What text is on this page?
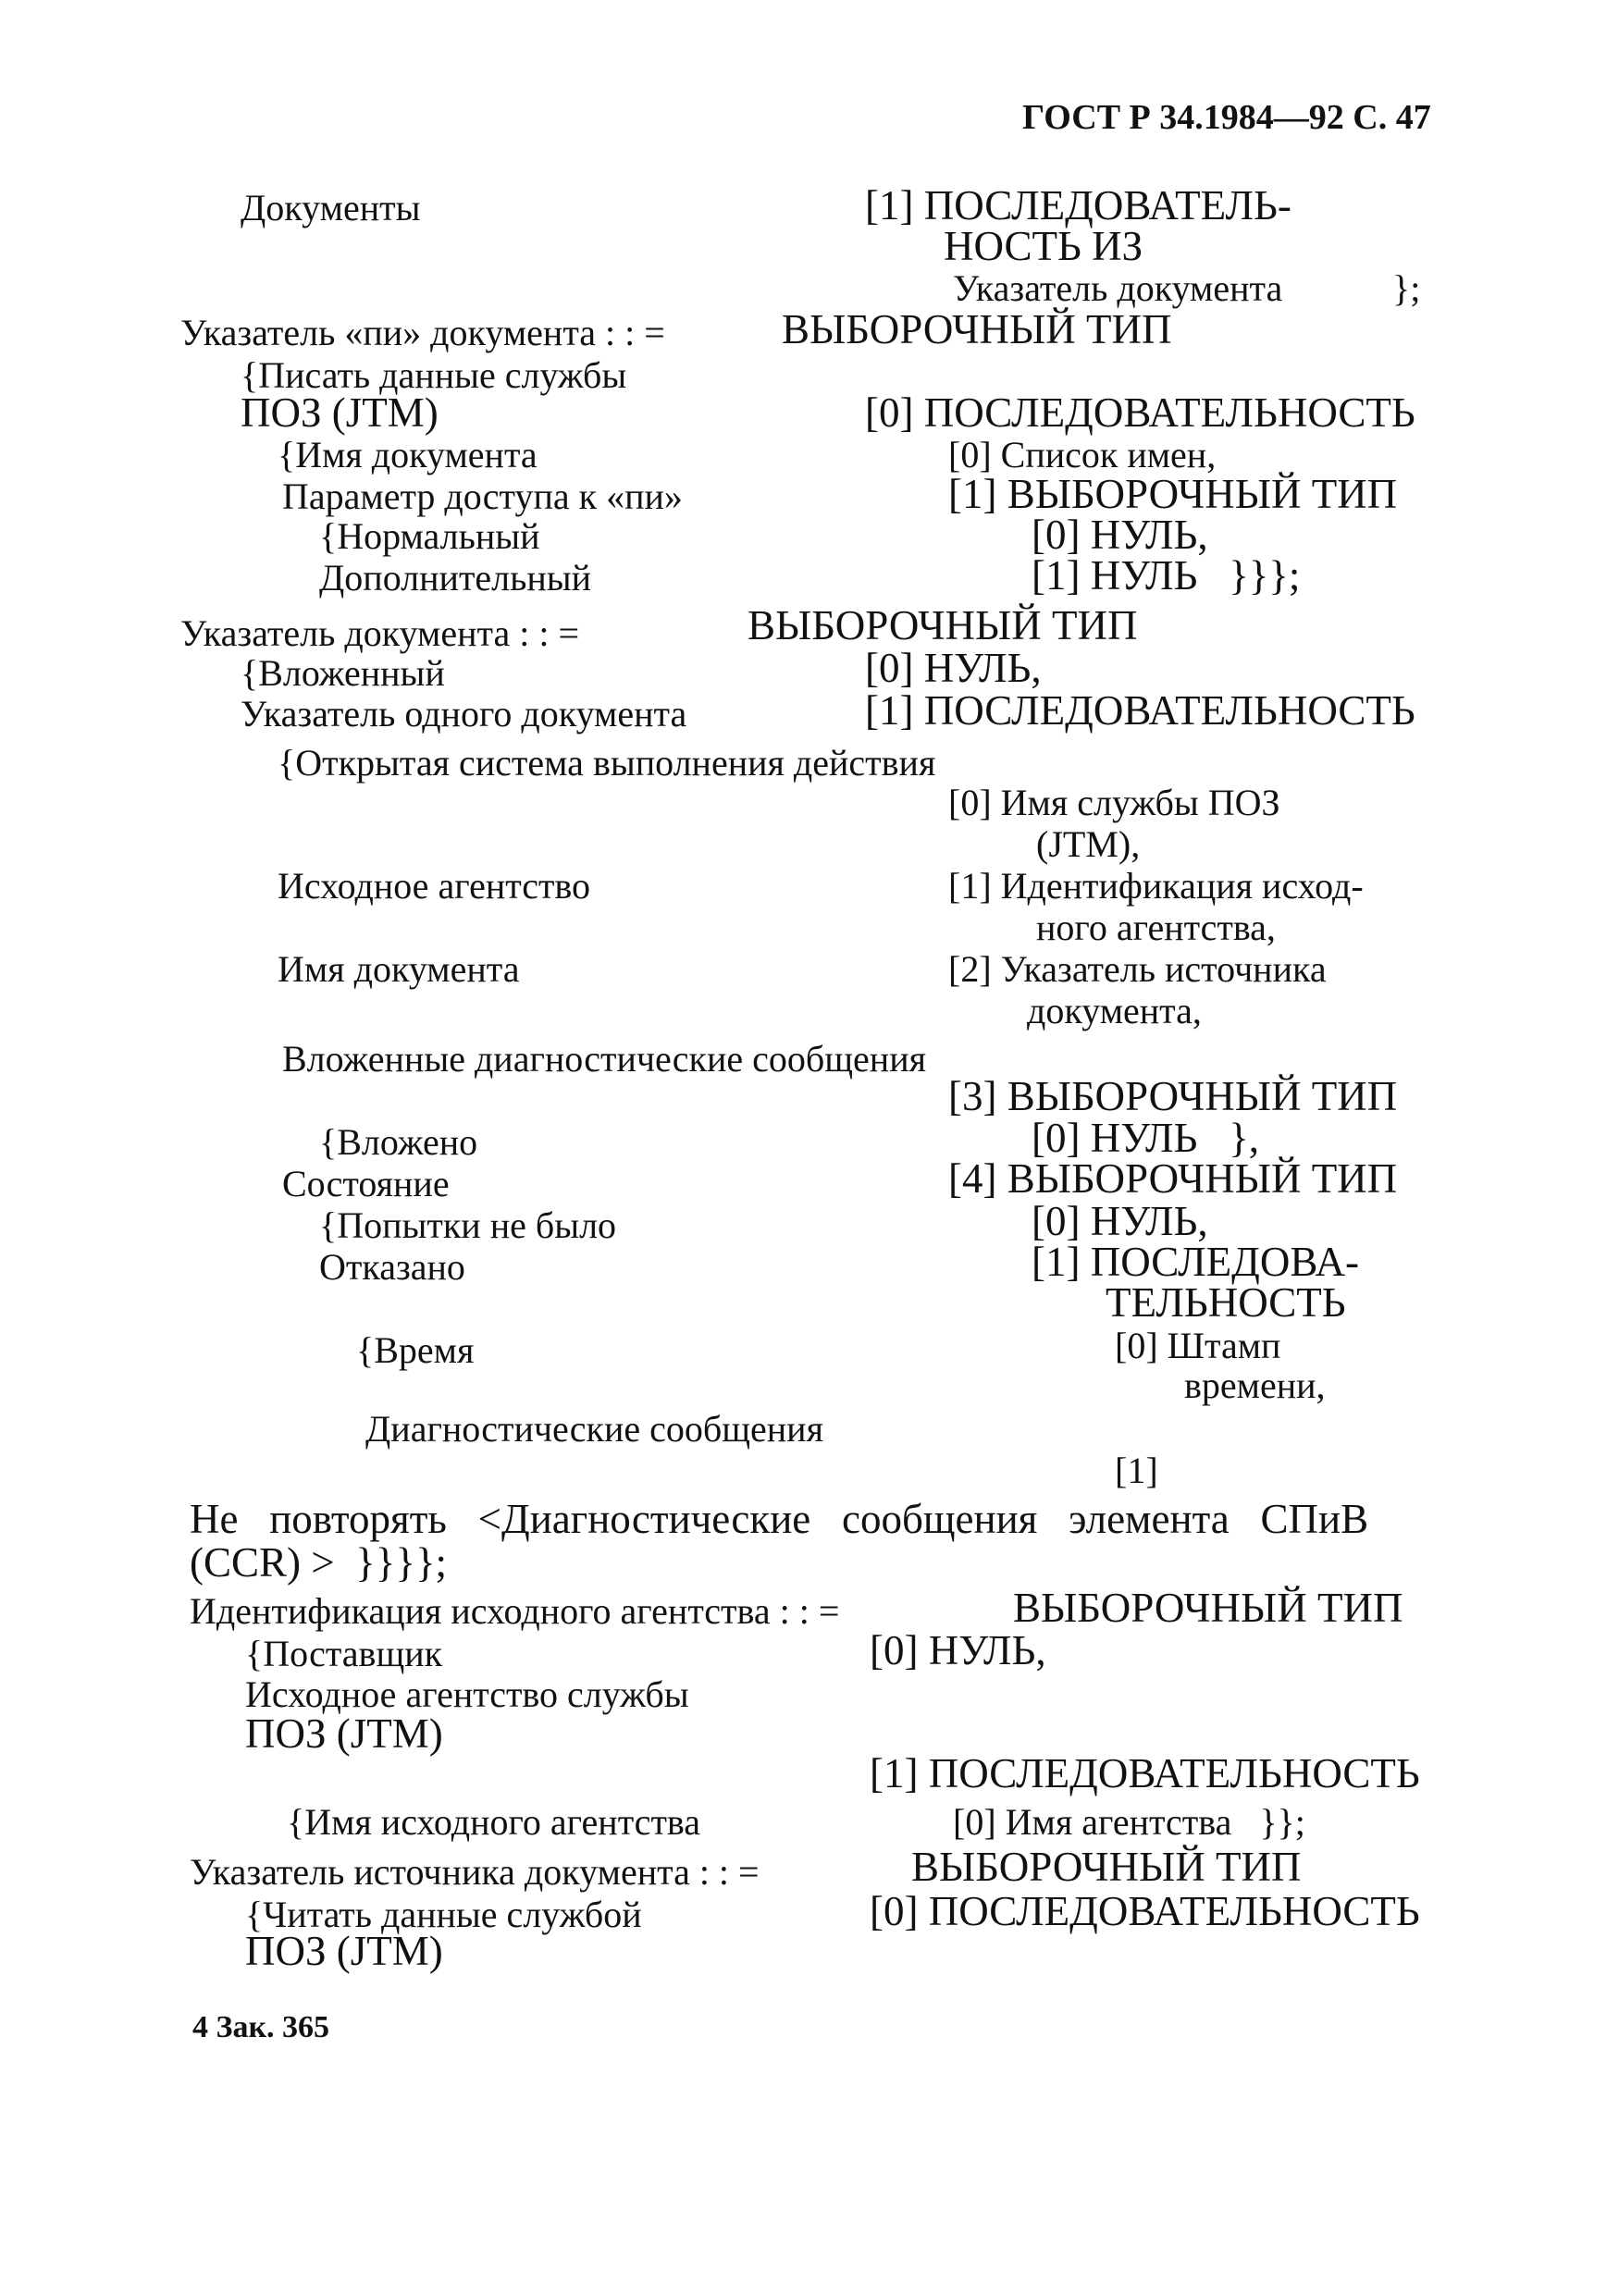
ГОСТ Р 34.1984—92 С. 47
Документы	[1] ПОСЛЕДОВАТЕЛЬ-
НОСТЬ ИЗ
Указатель документа	};
Указатель «пи» документа : : =	ВЫБОРОЧНЫЙ ТИП
{Писать данные службы
ПОЗ (JTM)	[0] ПОСЛЕДОВАТЕЛЬНОСТЬ
{Имя документа	[0] Список имен,
Параметр доступа к «пи»	[1] ВЫБОРОЧНЫЙ ТИП
{Нормальный	[0] НУЛЬ,
Дополнительный	[1] НУЛЬ   }}};
Указатель документа : : =	ВЫБОРОЧНЫЙ ТИП
{Вложенный	[0] НУЛЬ,
Указатель одного документа	[1] ПОСЛЕДОВАТЕЛЬНОСТЬ
{Открытая система выполнения действия
[0] Имя службы ПОЗ
(JTM),
Исходное агентство	[1] Идентификация исход-
ного агентства,
Имя документа	[2] Указатель источника
документа,
Вложенные диагностические сообщения
[3] ВЫБОРОЧНЫЙ ТИП
{Вложено	[0] НУЛЬ   },
Состояние	[4] ВЫБОРОЧНЫЙ ТИП
{Попытки не было	[0] НУЛЬ,
Отказано	[1] ПОСЛЕДОВА-
ТЕЛЬНОСТЬ
{Время	[0] Штамп
времени,
Диагностические сообщения
[1]
Не   повторять   <Диагностические   сообщения   элемента   СПиВ
(CCR) >  }}}};
Идентификация исходного агентства : : =	ВЫБОРОЧНЫЙ ТИП
{Поставщик	[0] НУЛЬ,
Исходное агентство службы
ПОЗ (JTM)
[1] ПОСЛЕДОВАТЕЛЬНОСТЬ
{Имя исходного агентства	[0] Имя агентства   }};
Указатель источника документа : : =	ВЫБОРОЧНЫЙ ТИП
{Читать данные службой	[0] ПОСЛЕДОВАТЕЛЬНОСТЬ
ПОЗ (JTM)
4 Зак. 365
